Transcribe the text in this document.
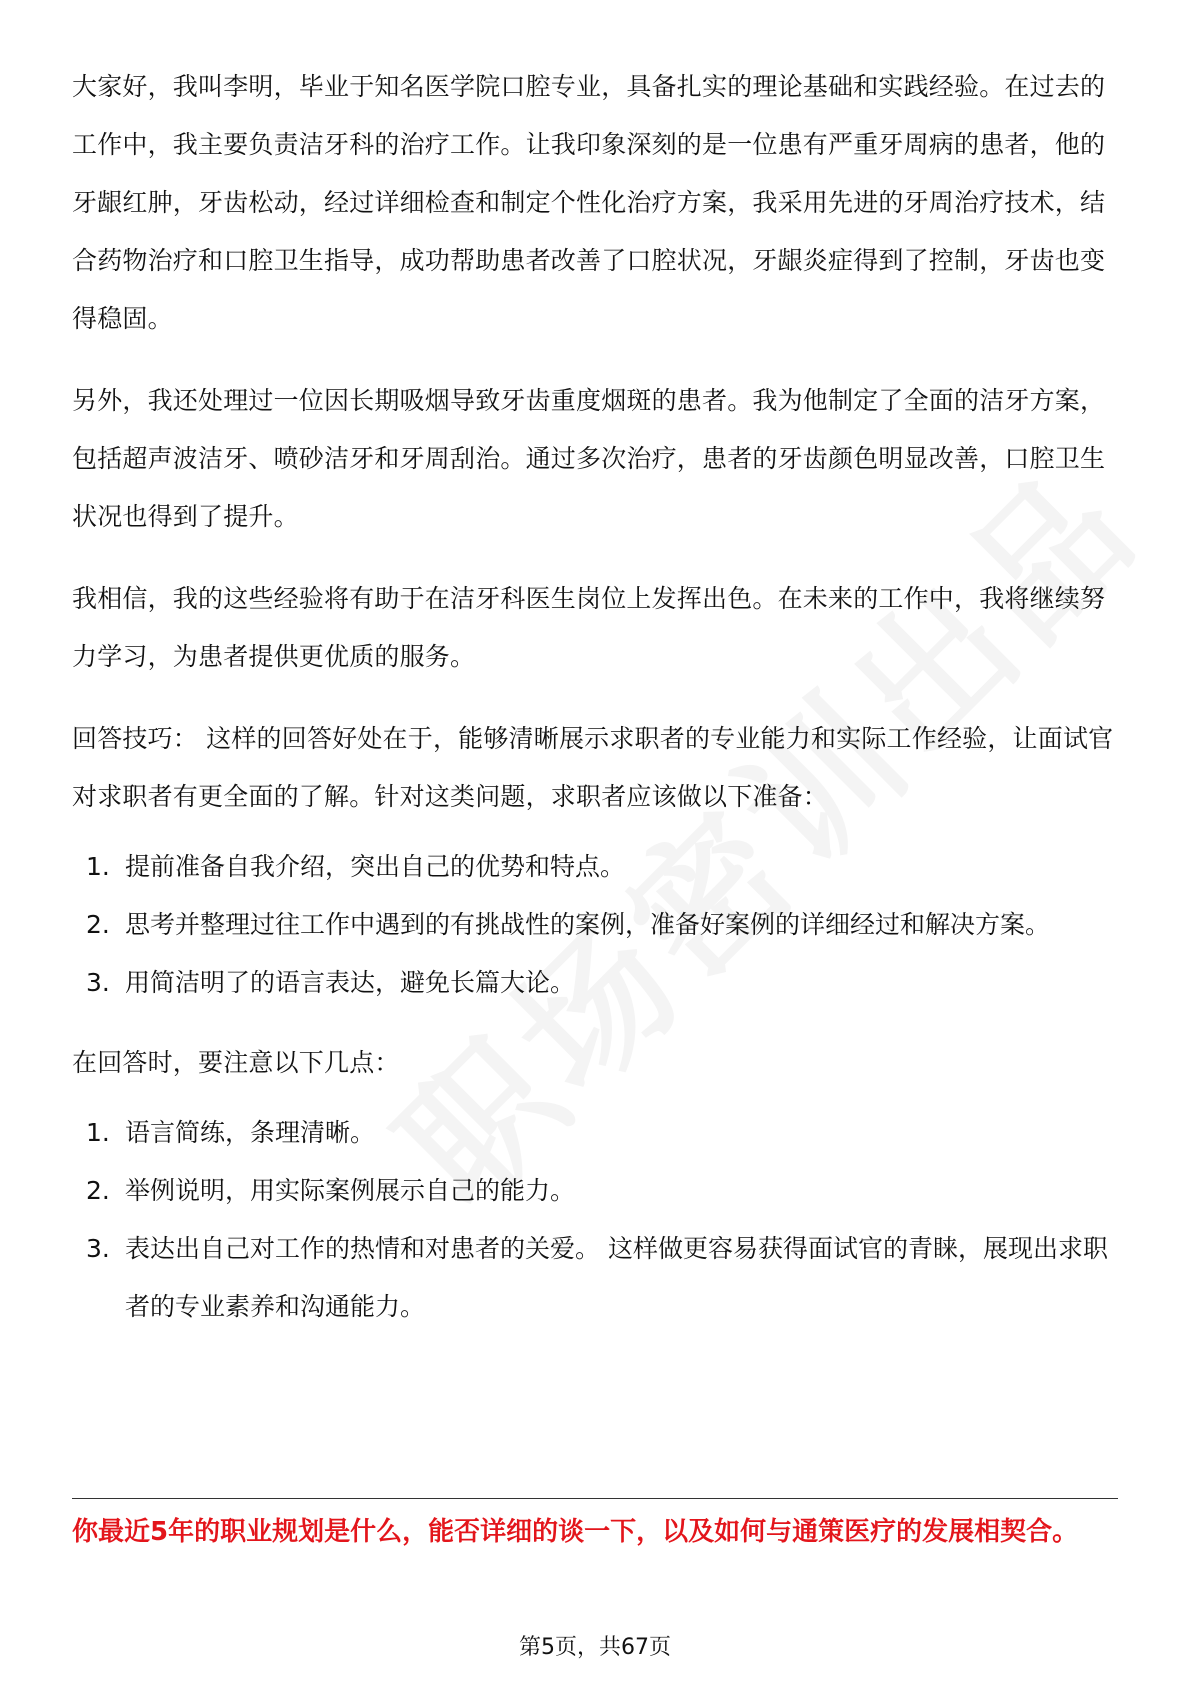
大家好，我叫李明，毕业于知名医学院口腔专业，具备扎实的理论基础和实践经验。在过去的工作中，我主要负责洁牙科的治疗工作。让我印象深刻的是一位患有严重牙周病的患者，他的牙龈红肿，牙齿松动，经过详细检查和制定个性化治疗方案，我采用先进的牙周治疗技术，结合药物治疗和口腔卫生指导，成功帮助患者改善了口腔状况，牙龈炎症得到了控制，牙齿也变得稳固。

另外，我还处理过一位因长期吸烟导致牙齿重度烟斑的患者。我为他制定了全面的洁牙方案，包括超声波洁牙、喷砂洁牙和牙周刮治。通过多次治疗，患者的牙齿颜色明显改善，口腔卫生状况也得到了提升。

我相信，我的这些经验将有助于在洁牙科医生岗位上发挥出色。在未来的工作中，我将继续努力学习，为患者提供更优质的服务。

回答技巧： 这样的回答好处在于，能够清晰展示求职者的专业能力和实际工作经验，让面试官对求职者有更全面的了解。针对这类问题，求职者应该做以下准备：

1. 提前准备自我介绍，突出自己的优势和特点。
2. 思考并整理过往工作中遇到的有挑战性的案例，准备好案例的详细经过和解决方案。
3. 用简洁明了的语言表达，避免长篇大论。

在回答时，要注意以下几点：

1. 语言简练，条理清晰。
2. 举例说明，用实际案例展示自己的能力。
3. 表达出自己对工作的热情和对患者的关爱。 这样做更容易获得面试官的青睐，展现出求职者的专业素养和沟通能力。
你最近5年的职业规划是什么，能否详细的谈一下，以及如何与通策医疗的发展相契合。
第5页，共67页
